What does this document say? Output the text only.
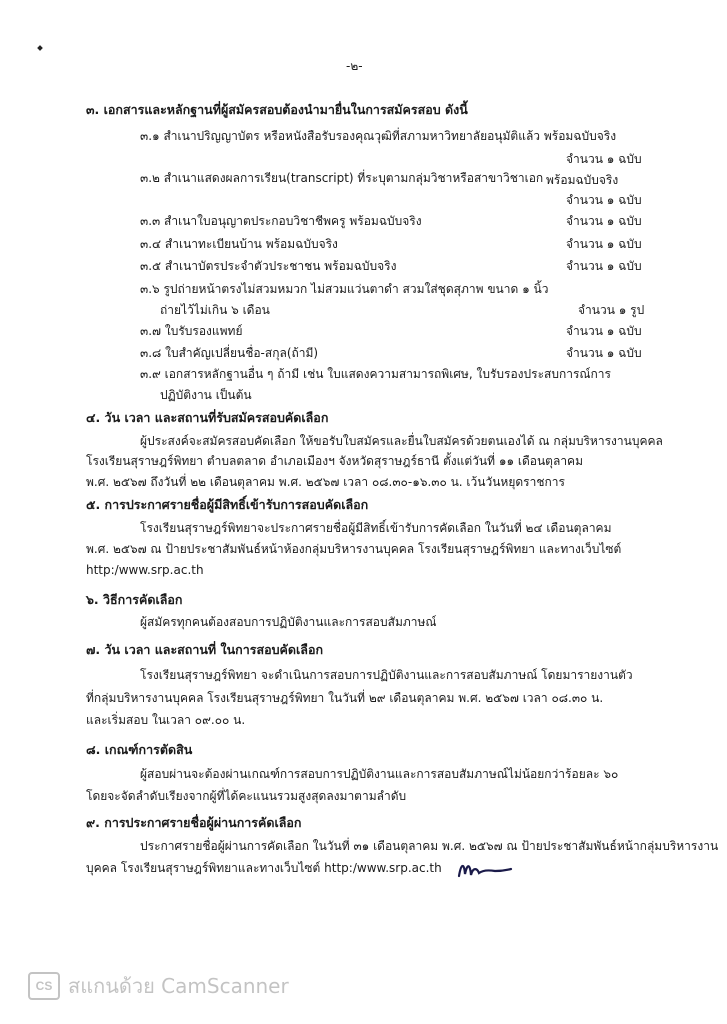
-๒-
๓. เอกสารและหลักฐานที่ผู้สมัครสอบต้องนำมายื่นในการสมัครสอบ ดังนี้
๓.๑ สำเนาปริญญาบัตร หรือหนังสือรับรองคุณวุฒิที่สภามหาวิทยาลัยอนุมัติแล้ว พร้อมฉบับจริง
จำนวน ๑ ฉบับ
๓.๒ สำเนาแสดงผลการเรียน(transcript) ที่ระบุตามกลุ่มวิชาหรือสาขาวิชาเอก พร้อมฉบับจริง
จำนวน ๑ ฉบับ
๓.๓ สำเนาใบอนุญาตประกอบวิชาชีพครู พร้อมฉบับจริง	จำนวน ๑ ฉบับ
๓.๔ สำเนาทะเบียนบ้าน พร้อมฉบับจริง	จำนวน ๑ ฉบับ
๓.๕ สำเนาบัตรประจำตัวประชาชน พร้อมฉบับจริง	จำนวน ๑ ฉบับ
๓.๖ รูปถ่ายหน้าตรงไม่สวมหมวก ไม่สวมแว่นตาดำ สวมใส่ชุดสุภาพ ขนาด ๑ นิ้ว
ถ่ายไว้ไม่เกิน ๖ เดือน	จำนวน ๑ รูป
๓.๗ ใบรับรองแพทย์	จำนวน ๑ ฉบับ
๓.๘ ใบสำคัญเปลี่ยนชื่อ-สกุล(ถ้ามี)	จำนวน ๑ ฉบับ
๓.๙ เอกสารหลักฐานอื่น ๆ ถ้ามี เช่น ใบแสดงความสามารถพิเศษ, ใบรับรองประสบการณ์การ
ปฏิบัติงาน เป็นต้น
๔. วัน เวลา และสถานที่รับสมัครสอบคัดเลือก
ผู้ประสงค์จะสมัครสอบคัดเลือก ให้ขอรับใบสมัครและยื่นใบสมัครด้วยตนเองได้ ณ กลุ่มบริหารงานบุคคล
โรงเรียนสุราษฎร์พิทยา ตำบลตลาด อำเภอเมืองฯ จังหวัดสุราษฎร์ธานี ตั้งแต่วันที่ ๑๑ เดือนตุลาคม
พ.ศ. ๒๕๖๗ ถึงวันที่ ๒๒ เดือนตุลาคม พ.ศ. ๒๕๖๗ เวลา ๐๘.๓๐-๑๖.๓๐ น. เว้นวันหยุดราชการ
๕. การประกาศรายชื่อผู้มีสิทธิ์เข้ารับการสอบคัดเลือก
โรงเรียนสุราษฎร์พิทยาจะประกาศรายชื่อผู้มีสิทธิ์เข้ารับการคัดเลือก ในวันที่ ๒๔ เดือนตุลาคม
พ.ศ. ๒๕๖๗ ณ ป้ายประชาสัมพันธ์หน้าห้องกลุ่มบริหารงานบุคคล โรงเรียนสุราษฎร์พิทยา และทางเว็บไซต์
http:/www.srp.ac.th
๖. วิธีการคัดเลือก
ผู้สมัครทุกคนต้องสอบการปฏิบัติงานและการสอบสัมภาษณ์
๗. วัน เวลา และสถานที่ ในการสอบคัดเลือก
โรงเรียนสุราษฎร์พิทยา จะดำเนินการสอบการปฏิบัติงานและการสอบสัมภาษณ์ โดยมารายงานตัว
ที่กลุ่มบริหารงานบุคคล โรงเรียนสุราษฎร์พิทยา ในวันที่ ๒๙ เดือนตุลาคม พ.ศ. ๒๕๖๗ เวลา ๐๘.๓๐ น.
และเริ่มสอบ ในเวลา ๐๙.๐๐ น.
๘. เกณฑ์การตัดสิน
ผู้สอบผ่านจะต้องผ่านเกณฑ์การสอบการปฏิบัติงานและการสอบสัมภาษณ์ไม่น้อยกว่าร้อยละ ๖๐
โดยจะจัดลำดับเรียงจากผู้ที่ได้คะแนนรวมสูงสุดลงมาตามลำดับ
๙. การประกาศรายชื่อผู้ผ่านการคัดเลือก
ประกาศรายชื่อผู้ผ่านการคัดเลือก ในวันที่ ๓๑ เดือนตุลาคม พ.ศ. ๒๕๖๗ ณ ป้ายประชาสัมพันธ์หน้ากลุ่มบริหารงาน
บุคคล โรงเรียนสุราษฎร์พิทยาและทางเว็บไซต์ http:/www.srp.ac.th
CS สแกนด้วย CamScanner
